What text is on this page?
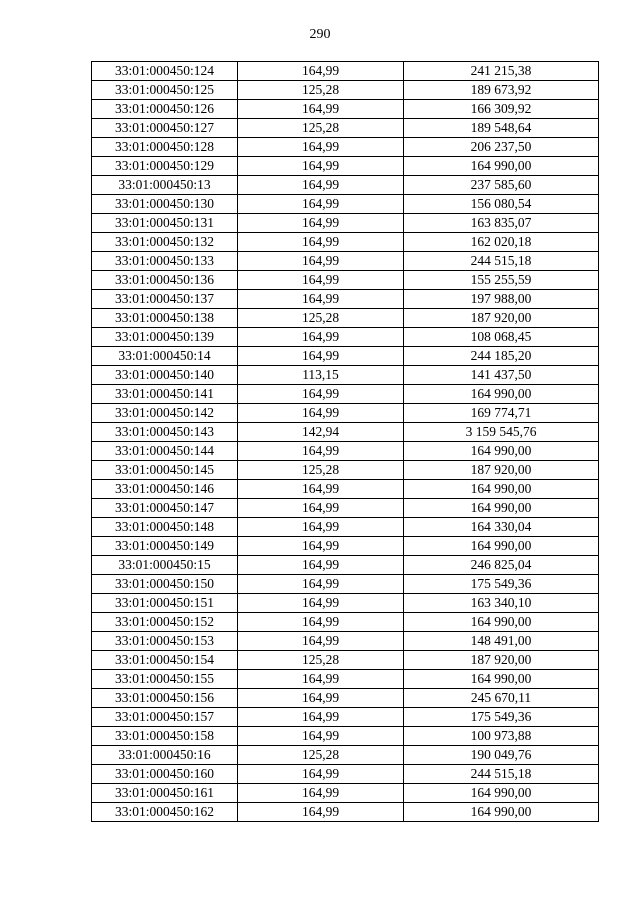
290
33:01:000450:124	164,99	241 215,38
33:01:000450:125	125,28	189 673,92
33:01:000450:126	164,99	166 309,92
33:01:000450:127	125,28	189 548,64
33:01:000450:128	164,99	206 237,50
33:01:000450:129	164,99	164 990,00
33:01:000450:13	164,99	237 585,60
33:01:000450:130	164,99	156 080,54
33:01:000450:131	164,99	163 835,07
33:01:000450:132	164,99	162 020,18
33:01:000450:133	164,99	244 515,18
33:01:000450:136	164,99	155 255,59
33:01:000450:137	164,99	197 988,00
33:01:000450:138	125,28	187 920,00
33:01:000450:139	164,99	108 068,45
33:01:000450:14	164,99	244 185,20
33:01:000450:140	113,15	141 437,50
33:01:000450:141	164,99	164 990,00
33:01:000450:142	164,99	169 774,71
33:01:000450:143	142,94	3 159 545,76
33:01:000450:144	164,99	164 990,00
33:01:000450:145	125,28	187 920,00
33:01:000450:146	164,99	164 990,00
33:01:000450:147	164,99	164 990,00
33:01:000450:148	164,99	164 330,04
33:01:000450:149	164,99	164 990,00
33:01:000450:15	164,99	246 825,04
33:01:000450:150	164,99	175 549,36
33:01:000450:151	164,99	163 340,10
33:01:000450:152	164,99	164 990,00
33:01:000450:153	164,99	148 491,00
33:01:000450:154	125,28	187 920,00
33:01:000450:155	164,99	164 990,00
33:01:000450:156	164,99	245 670,11
33:01:000450:157	164,99	175 549,36
33:01:000450:158	164,99	100 973,88
33:01:000450:16	125,28	190 049,76
33:01:000450:160	164,99	244 515,18
33:01:000450:161	164,99	164 990,00
33:01:000450:162	164,99	164 990,00
